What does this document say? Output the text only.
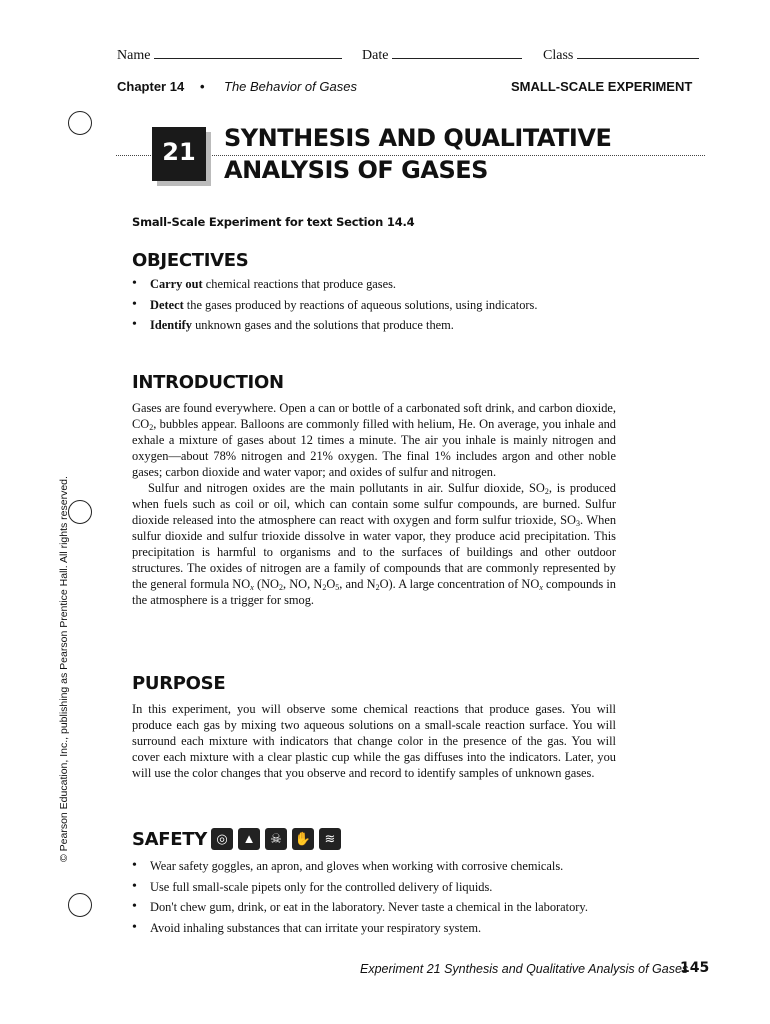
Name	Date	Class
Chapter 14 • The Behavior of Gases	SMALL-SCALE EXPERIMENT
21	SYNTHESIS AND QUALITATIVE
ANALYSIS OF GASES
Small-Scale Experiment for text Section 14.4
OBJECTIVES
• Carry out chemical reactions that produce gases.
• Detect the gases produced by reactions of aqueous solutions, using indicators.
• Identify unknown gases and the solutions that produce them.
INTRODUCTION
Gases are found everywhere. Open a can or bottle of a carbonated soft drink, and carbon dioxide, $CO_2$, bubbles appear. Balloons are commonly filled with helium, He. On average, you inhale and exhale a mixture of gases about 12 times a minute. The air you inhale is mainly nitrogen and oxygen—about 78% nitrogen and 21% oxygen. The final 1% includes argon and other noble gases; carbon dioxide and water vapor; and oxides of sulfur and nitrogen.
Sulfur and nitrogen oxides are the main pollutants in air. Sulfur dioxide, $SO_2$, is produced when fuels such as coil or oil, which can contain some sulfur compounds, are burned. Sulfur dioxide released into the atmosphere can react with oxygen and form sulfur trioxide, $SO_3$. When sulfur dioxide and sulfur trioxide dissolve in water vapor, they produce acid precipitation. This precipitation is harmful to organisms and to the surfaces of buildings and other outdoor structures. The oxides of nitrogen are a family of compounds that are commonly represented by the general formula $NO_x$ ($NO_2$, NO, $N_2O_5$, and $N_2O$). A large concentration of $NO_x$ compounds in the atmosphere is a trigger for smog.
PURPOSE
In this experiment, you will observe some chemical reactions that produce gases. You will produce each gas by mixing two aqueous solutions on a small-scale reaction surface. You will surround each mixture with indicators that change color in the presence of the gas. You will cover each mixture with a clear plastic cup while the gas diffuses into the indicators. Later, you will use the color changes that you observe and record to identify samples of unknown gases.
SAFETY ◎ ▲ ☠ ✋ ≋
• Wear safety goggles, an apron, and gloves when working with corrosive chemicals.
• Use full small-scale pipets only for the controlled delivery of liquids.
• Don't chew gum, drink, or eat in the laboratory. Never taste a chemical in the laboratory.
• Avoid inhaling substances that can irritate your respiratory system.
© Pearson Education, Inc., publishing as Pearson Prentice Hall. All rights reserved.
Experiment 21 Synthesis and Qualitative Analysis of Gases
145
